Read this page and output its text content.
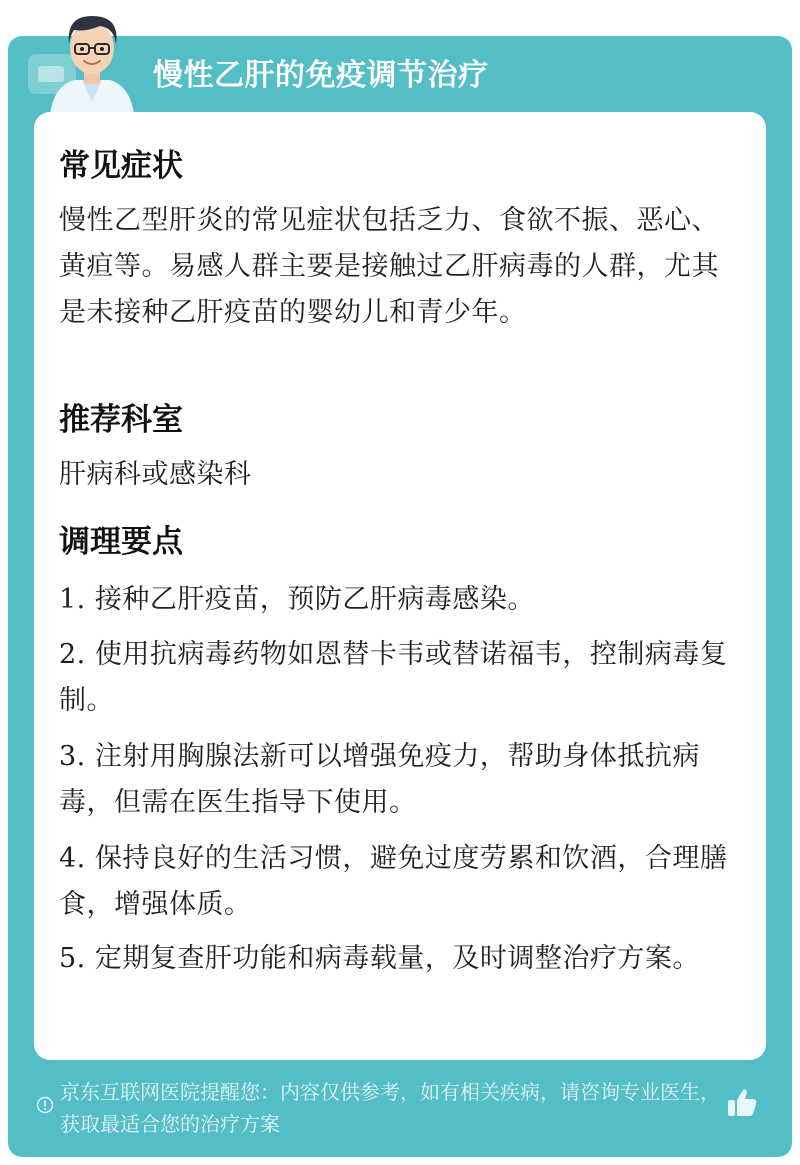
慢性乙肝的免疫调节治疗
常见症状
慢性乙型肝炎的常见症状包括乏力、食欲不振、恶心、黄疸等。易感人群主要是接触过乙肝病毒的人群，尤其是未接种乙肝疫苗的婴幼儿和青少年。
推荐科室
肝病科或感染科
调理要点
1. 接种乙肝疫苗，预防乙肝病毒感染。
2. 使用抗病毒药物如恩替卡韦或替诺福韦，控制病毒复制。
3. 注射用胸腺法新可以增强免疫力，帮助身体抵抗病毒，但需在医生指导下使用。
4. 保持良好的生活习惯，避免过度劳累和饮酒，合理膳食，增强体质。
5. 定期复查肝功能和病毒载量，及时调整治疗方案。
京东互联网医院提醒您：内容仅供参考，如有相关疾病，请咨询专业医生，获取最适合您的治疗方案
